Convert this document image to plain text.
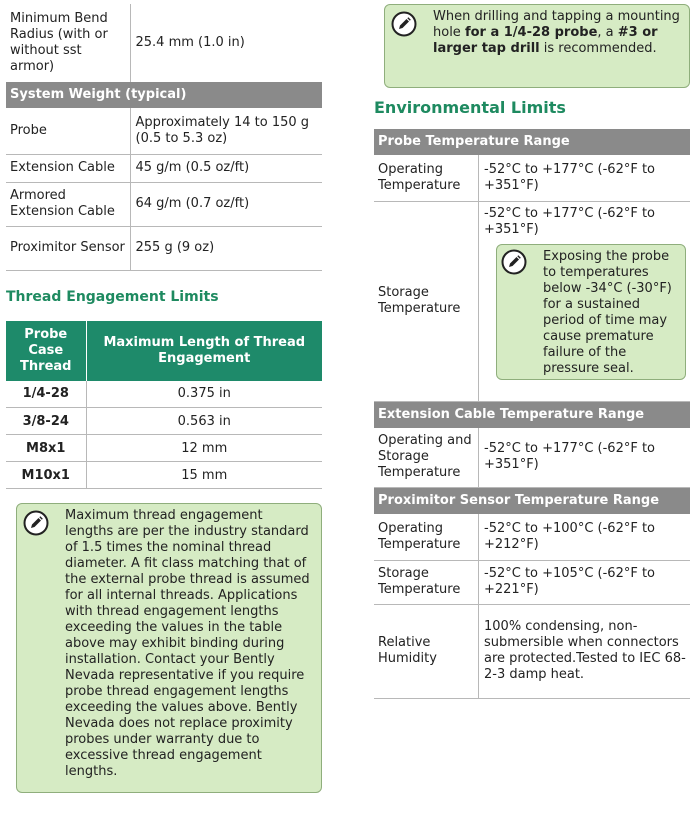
Minimum Bend Radius (with or without sst armor)	25.4 mm (1.0 in)
System Weight (typical)	
Probe	Approximately 14 to 150 g (0.5 to 5.3 oz)
Extension Cable	45 g/m (0.5 oz/ft)
Armored Extension Cable	64 g/m (0.7 oz/ft)
Proximitor Sensor	255 g (9 oz)
Thread Engagement Limits
Probe Case Thread	Maximum Length of Thread Engagement
1/4-28	0.375 in
3/8-24	0.563 in
M8x1	12 mm
M10x1	15 mm

Maximum thread engagement lengths are per the industry standard of 1.5 times the nominal thread diameter. A fit class matching that of the external probe thread is assumed for all internal threads. Applications with thread engagement lengths exceeding the values in the table above may exhibit binding during installation. Contact your Bently Nevada representative if you require probe thread engagement lengths exceeding the values above. Bently Nevada does not replace proximity probes under warranty due to excessive thread engagement lengths.

When drilling and tapping a mounting hole for a 1/4-28 probe, a #3 or larger tap drill is recommended.

Environmental Limits
Probe Temperature Range	
Operating Temperature	-52°C to +177°C (-62°F to +351°F)
Storage Temperature	-52°C to +177°C (-62°F to +351°F)

Exposing the probe to temperatures below -34°C (-30°F) for a sustained period of time may cause premature failure of the pressure seal.

Extension Cable Temperature Range	
Operating and Storage Temperature	-52°C to +177°C (-62°F to +351°F)
Proximitor Sensor Temperature Range	
Operating Temperature	-52°C to +100°C (-62°F to +212°F)
Storage Temperature	-52°C to +105°C (-62°F to +221°F)
Relative Humidity	100% condensing, non-submersible when connectors are protected.Tested to IEC 68-2-3 damp heat.
